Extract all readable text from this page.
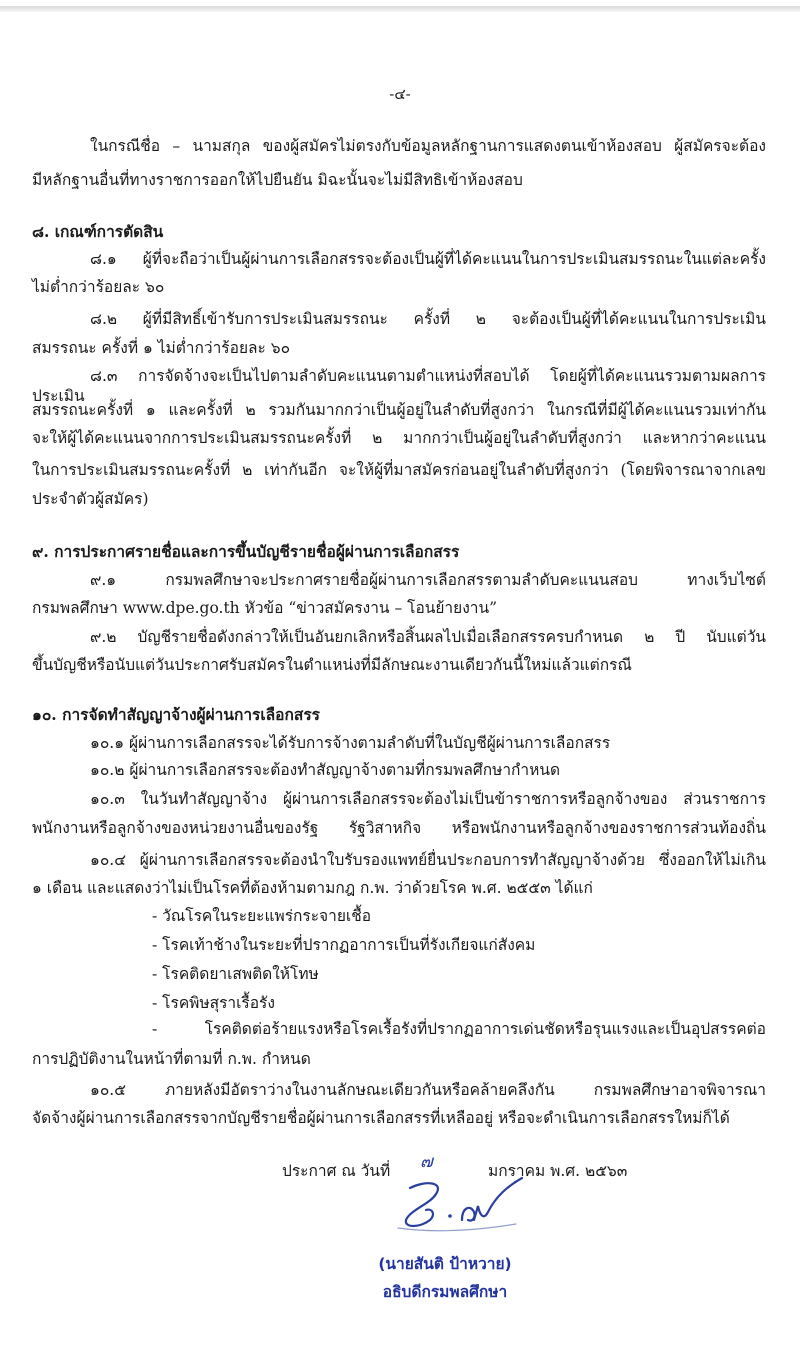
-๔-
ในกรณีชื่อ – นามสกุล ของผู้สมัครไม่ตรงกับข้อมูลหลักฐานการแสดงตนเข้าห้องสอบ ผู้สมัครจะต้อง
มีหลักฐานอื่นที่ทางราชการออกให้ไปยืนยัน มิฉะนั้นจะไม่มีสิทธิเข้าห้องสอบ
๘. เกณฑ์การตัดสิน
๘.๑ ผู้ที่จะถือว่าเป็นผู้ผ่านการเลือกสรรจะต้องเป็นผู้ที่ได้คะแนนในการประเมินสมรรถนะในแต่ละครั้ง
ไม่ต่ำกว่าร้อยละ ๖๐
๘.๒ ผู้ที่มีสิทธิ์เข้ารับการประเมินสมรรถนะ ครั้งที่ ๒ จะต้องเป็นผู้ที่ได้คะแนนในการประเมิน
สมรรถนะ ครั้งที่ ๑ ไม่ต่ำกว่าร้อยละ ๖๐
๘.๓ การจัดจ้างจะเป็นไปตามลำดับคะแนนตามตำแหน่งที่สอบได้ โดยผู้ที่ได้คะแนนรวมตามผลการประเมิน
สมรรถนะครั้งที่ ๑ และครั้งที่ ๒ รวมกันมากกว่าเป็นผู้อยู่ในลำดับที่สูงกว่า ในกรณีที่มีผู้ได้คะแนนรวมเท่ากัน
จะให้ผู้ได้คะแนนจากการประเมินสมรรถนะครั้งที่ ๒ มากกว่าเป็นผู้อยู่ในลำดับที่สูงกว่า และหากว่าคะแนน
ในการประเมินสมรรถนะครั้งที่ ๒ เท่ากันอีก จะให้ผู้ที่มาสมัครก่อนอยู่ในลำดับที่สูงกว่า (โดยพิจารณาจากเลข
ประจำตัวผู้สมัคร)
๙. การประกาศรายชื่อและการขึ้นบัญชีรายชื่อผู้ผ่านการเลือกสรร
๙.๑ กรมพลศึกษาจะประกาศรายชื่อผู้ผ่านการเลือกสรรตามลำดับคะแนนสอบ ทางเว็บไซต์
กรมพลศึกษา www.dpe.go.th หัวข้อ “ข่าวสมัครงาน – โอนย้ายงาน”
๙.๒ บัญชีรายชื่อดังกล่าวให้เป็นอันยกเลิกหรือสิ้นผลไปเมื่อเลือกสรรครบกำหนด ๒ ปี นับแต่วัน
ขึ้นบัญชีหรือนับแต่วันประกาศรับสมัครในตำแหน่งที่มีลักษณะงานเดียวกันนี้ใหม่แล้วแต่กรณี
๑๐. การจัดทำสัญญาจ้างผู้ผ่านการเลือกสรร
๑๐.๑ ผู้ผ่านการเลือกสรรจะได้รับการจ้างตามลำดับที่ในบัญชีผู้ผ่านการเลือกสรร
๑๐.๒ ผู้ผ่านการเลือกสรรจะต้องทำสัญญาจ้างตามที่กรมพลศึกษากำหนด
๑๐.๓ ในวันทำสัญญาจ้าง ผู้ผ่านการเลือกสรรจะต้องไม่เป็นข้าราชการหรือลูกจ้างของ ส่วนราชการ
พนักงานหรือลูกจ้างของหน่วยงานอื่นของรัฐ รัฐวิสาหกิจ หรือพนักงานหรือลูกจ้างของราชการส่วนท้องถิ่น
๑๐.๔ ผู้ผ่านการเลือกสรรจะต้องนำใบรับรองแพทย์ยื่นประกอบการทำสัญญาจ้างด้วย ซึ่งออกให้ไม่เกิน
๑ เดือน และแสดงว่าไม่เป็นโรคที่ต้องห้ามตามกฎ ก.พ. ว่าด้วยโรค พ.ศ. ๒๕๕๓ ได้แก่
- วัณโรคในระยะแพร่กระจายเชื้อ
- โรคเท้าช้างในระยะที่ปรากฏอาการเป็นที่รังเกียจแก่สังคม
- โรคติดยาเสพติดให้โทษ
- โรคพิษสุราเรื้อรัง
- โรคติดต่อร้ายแรงหรือโรคเรื้อรังที่ปรากฏอาการเด่นชัดหรือรุนแรงและเป็นอุปสรรคต่อ
การปฏิบัติงานในหน้าที่ตามที่ ก.พ. กำหนด
๑๐.๕ ภายหลังมีอัตราว่างในงานลักษณะเดียวกันหรือคล้ายคลึงกัน กรมพลศึกษาอาจพิจารณา
จัดจ้างผู้ผ่านการเลือกสรรจากบัญชีรายชื่อผู้ผ่านการเลือกสรรที่เหลืออยู่ หรือจะดำเนินการเลือกสรรใหม่ก็ได้
ประกาศ ณ วันที่ ๗	มกราคม พ.ศ. ๒๕๖๓
(นายสันติ ป้าหวาย)
อธิบดีกรมพลศึกษา
